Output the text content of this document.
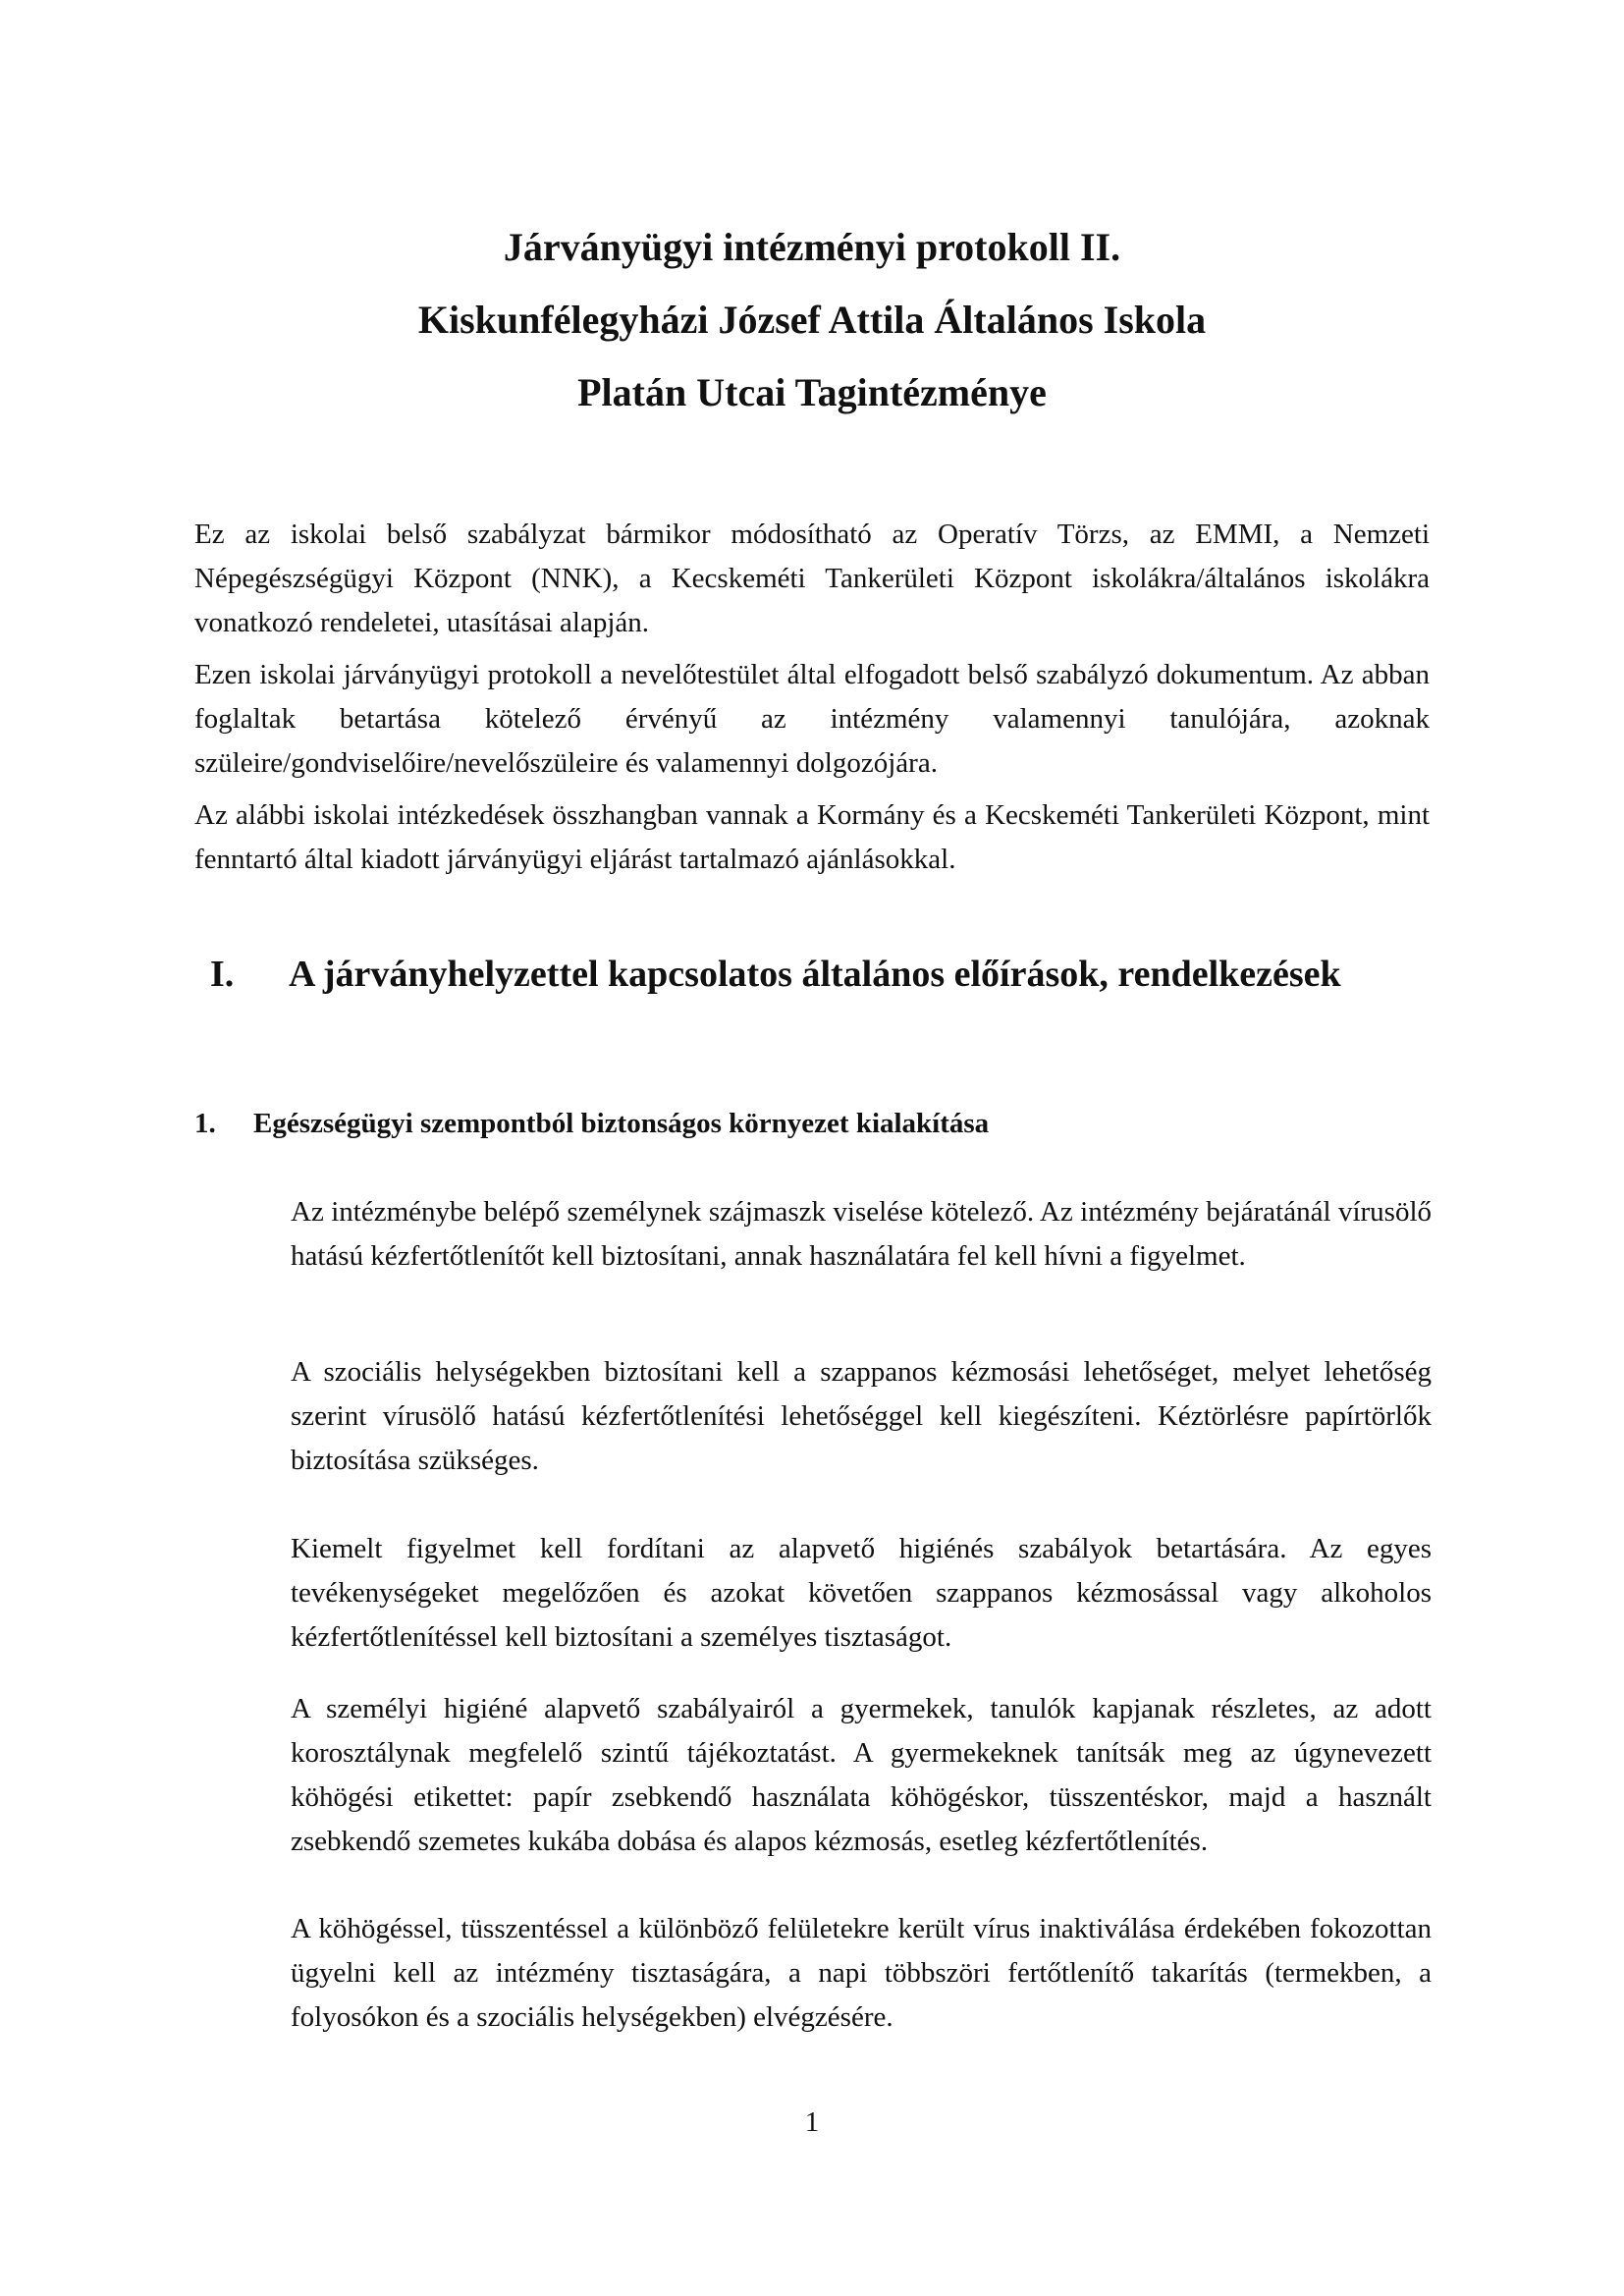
Járványügyi intézményi protokoll II.
Kiskunfélegyházi József Attila Általános Iskola
Platán Utcai Tagintézménye

Ez az iskolai belső szabályzat bármikor módosítható az Operatív Törzs, az EMMI, a Nemzeti Népegészségügyi Központ (NNK), a Kecskeméti Tankerületi Központ iskolákra/általános iskolákra vonatkozó rendeletei, utasításai alapján.

Ezen iskolai járványügyi protokoll a nevelőtestület által elfogadott belső szabályzó dokumentum. Az abban foglaltak betartása kötelező érvényű az intézmény valamennyi tanulójára, azoknak szüleire/gondviselőire/nevelőszüleire és valamennyi dolgozójára.

Az alábbi iskolai intézkedések összhangban vannak a Kormány és a Kecskeméti Tankerületi Központ, mint fenntartó által kiadott járványügyi eljárást tartalmazó ajánlásokkal.

I. A járványhelyzettel kapcsolatos általános előírások, rendelkezések
1. Egészségügyi szempontból biztonságos környezet kialakítása

Az intézménybe belépő személynek szájmaszk viselése kötelező. Az intézmény bejáratánál vírusölő hatású kézfertőtlenítőt kell biztosítani, annak használatára fel kell hívni a figyelmet.

A szociális helységekben biztosítani kell a szappanos kézmosási lehetőséget, melyet lehetőség szerint vírusölő hatású kézfertőtlenítési lehetőséggel kell kiegészíteni. Kéztörlésre papírtörlők biztosítása szükséges.

Kiemelt figyelmet kell fordítani az alapvető higiénés szabályok betartására. Az egyes tevékenységeket megelőzően és azokat követően szappanos kézmosással vagy alkoholos kézfertőtlenítéssel kell biztosítani a személyes tisztaságot.

A személyi higiéné alapvető szabályairól a gyermekek, tanulók kapjanak részletes, az adott korosztálynak megfelelő szintű tájékoztatást. A gyermekeknek tanítsák meg az úgynevezett köhögési etikettet: papír zsebkendő használata köhögéskor, tüsszentéskor, majd a használt zsebkendő szemetes kukába dobása és alapos kézmosás, esetleg kézfertőtlenítés.

A köhögéssel, tüsszentéssel a különböző felületekre került vírus inaktiválása érdekében fokozottan ügyelni kell az intézmény tisztaságára, a napi többszöri fertőtlenítő takarítás (termekben, a folyosókon és a szociális helységekben) elvégzésére.

1
